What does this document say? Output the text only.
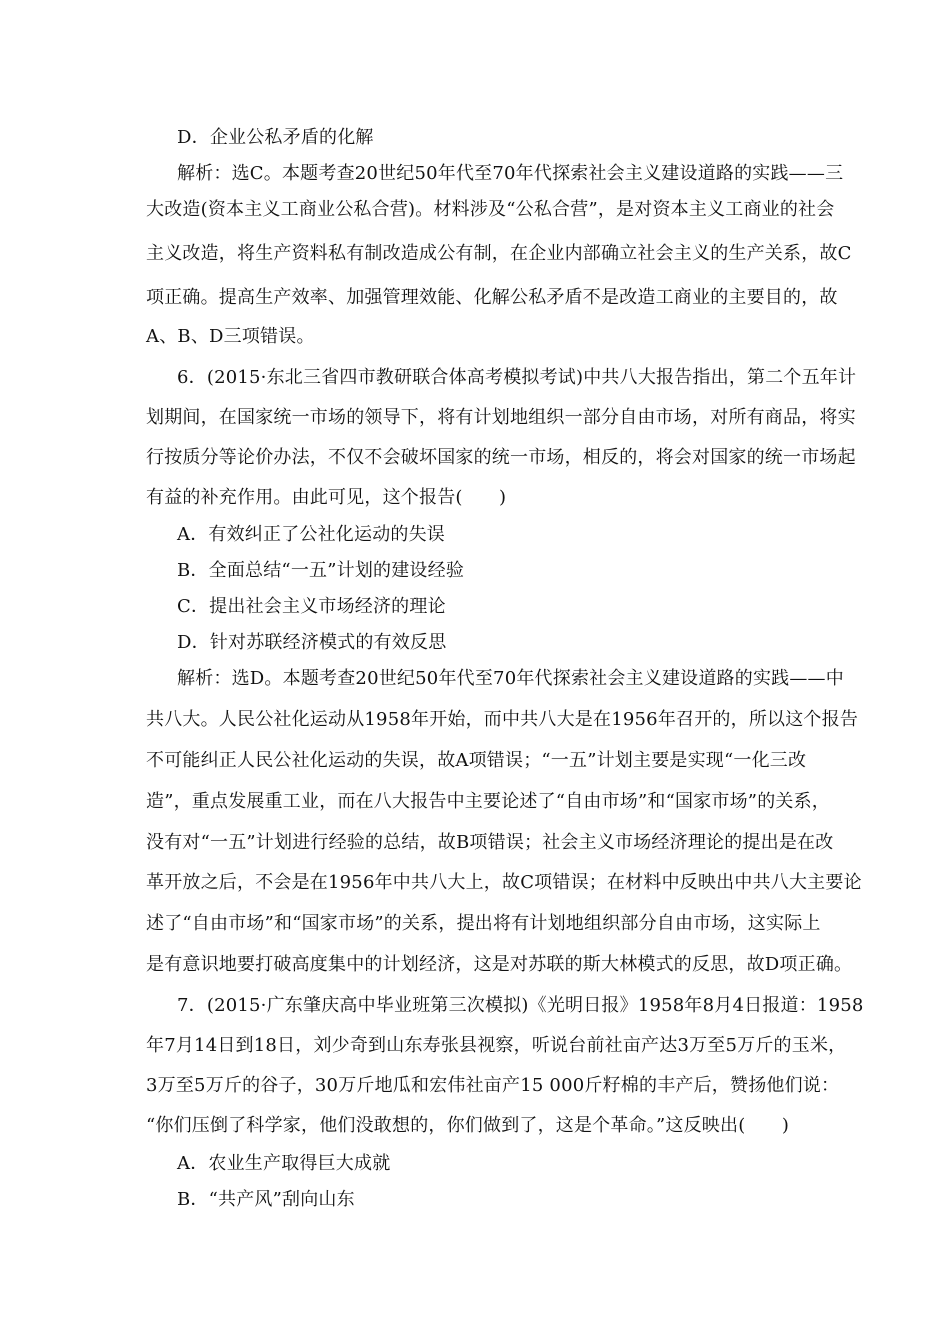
D．企业公私矛盾的化解
解析：选C。本题考查20世纪50年代至70年代探索社会主义建设道路的实践——三
大改造(资本主义工商业公私合营)。材料涉及“公私合营”，是对资本主义工商业的社会
主义改造，将生产资料私有制改造成公有制，在企业内部确立社会主义的生产关系，故C
项正确。提高生产效率、加强管理效能、化解公私矛盾不是改造工商业的主要目的，故
A、B、D三项错误。
6．(2015·东北三省四市教研联合体高考模拟考试)中共八大报告指出，第二个五年计
划期间，在国家统一市场的领导下，将有计划地组织一部分自由市场，对所有商品，将实
行按质分等论价办法，不仅不会破坏国家的统一市场，相反的，将会对国家的统一市场起
有益的补充作用。由此可见，这个报告(　　)
A．有效纠正了公社化运动的失误
B．全面总结“一五”计划的建设经验
C．提出社会主义市场经济的理论
D．针对苏联经济模式的有效反思
解析：选D。本题考查20世纪50年代至70年代探索社会主义建设道路的实践——中
共八大。人民公社化运动从1958年开始，而中共八大是在1956年召开的，所以这个报告
不可能纠正人民公社化运动的失误，故A项错误；“一五”计划主要是实现“一化三改
造”，重点发展重工业，而在八大报告中主要论述了“自由市场”和“国家市场”的关系，
没有对“一五”计划进行经验的总结，故B项错误；社会主义市场经济理论的提出是在改
革开放之后，不会是在1956年中共八大上，故C项错误；在材料中反映出中共八大主要论
述了“自由市场”和“国家市场”的关系，提出将有计划地组织部分自由市场，这实际上
是有意识地要打破高度集中的计划经济，这是对苏联的斯大林模式的反思，故D项正确。
7．(2015·广东肇庆高中毕业班第三次模拟)《光明日报》1958年8月4日报道：1958
年7月14日到18日，刘少奇到山东寿张县视察，听说台前社亩产达3万至5万斤的玉米，
3万至5万斤的谷子，30万斤地瓜和宏伟社亩产15 000斤籽棉的丰产后，赞扬他们说：
“你们压倒了科学家，他们没敢想的，你们做到了，这是个革命。”这反映出(　　)
A．农业生产取得巨大成就
B．“共产风”刮向山东
